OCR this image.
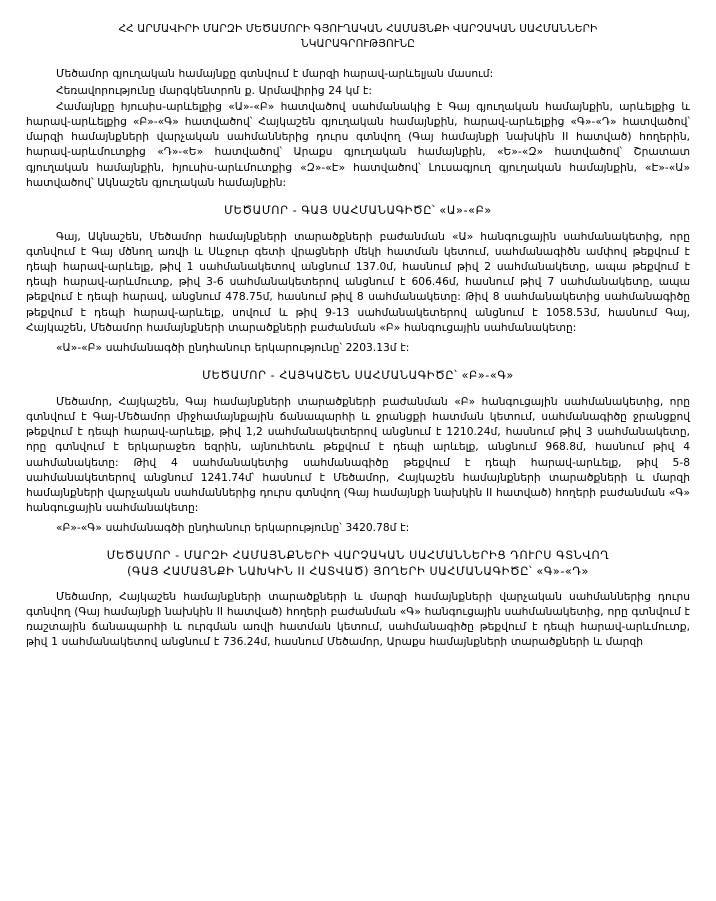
ՀՀ ԱՐՄԱՎԻՐԻ ՄԱՐԶԻ ՄԵԾԱՄՈՐԻ ԳՅՈՒՂԱԿԱՆ ՀԱՄԱՅՆՔԻ ՎԱՐՉԱԿԱՆ ՍԱՀՄԱՆՆԵՐԻ
ՆԿԱՐԱԳՐՈՒԹՅՈՒՆԸ

Մեծամոր գյուղական համայնքը գտնվում է մարզի հարավ-արևելյան մասում:

Հեռավորությունը մարգկենտրոն ք. Արմավիրից 24 կմ է:

Համայնքը հյուսիս-արևելքից «Ա»-«Բ» հատվածով սահմանակից է Գայ գյուղական համայնքին, արևելքից և հարավ-արևելքից «Բ»-«Գ» հատվածով՝ Հայկաշեն գյուղական համայնքին, հարավ-արևելքից «Գ»-«Դ» հատվածով՝ մարզի համայնքների վարչական սահմաններից դուրս գտնվող (Գայ համայնքի նախկին II հատված) հողերին, հարավ-արևմուտքից «Դ»-«Ե» հատվածով՝ Արաքս գյուղական համայնքին, «Ե»-«Զ» հատվածով՝ Շրատատ գյուղական համայնքին, հյուսիս-արևմուտքից «Զ»-«Է» հատվածով՝ Լուսագյուղ գյուղական համայնքին, «Է»-«Ա» հատվածով՝ Ակնաշեն գյուղական համայնքին:

ՄԵԾԱՄՈՐ - ԳԱՅ ՍԱՀՄԱՆԱԳԻԾԸ՝ «Ա»-«Բ»

Գայ, Ակնաշեն, Մեծամոր համայնքների տարածքների բաժանման «Ա» հանգուցային սահմանակետից, որը գտնվում է Գայ մծնող առվի և Սևջուր գետի վրացների մեկի հատման կետում, սահմանագիծն ամփով թեքվում է դեպի հարավ-արևելք, թիվ 1 սահմանակետով անցնում 137.0մ, հասնում թիվ 2 սահմանակետը, ապա թեքվում է դեպի հարավ-արևմուտք, թիվ 3-6 սահմանակետերով անցնում է 606.46մ, հասնում թիվ 7 սահմանակետը, ապա թեքվում է դեպի հարավ, անցնում 478.75մ, հասնում թիվ 8 սահմանակետը: Թիվ 8 սահմանակետից սահմանագիծը թեքվում է դեպի հարավ-արևելք, սովում և թիվ 9-13 սահմանակետերով անցնում է 1058.53մ, հասնում Գայ, Հայկաշեն, Մեծամոր համայնքների տարածքների բաժանման «Բ» հանգուցային սահմանակետը:

«Ա»-«Բ» սահմանագծի ընդհանուր երկարությունը՝ 2203.13մ է:

ՄԵԾԱՄՈՐ - ՀԱՅԿԱՇԵՆ ՍԱՀՄԱՆԱԳԻԾԸ՝ «Բ»-«Գ»

Մեծամոր, Հայկաշեն, Գայ համայնքների տարածքների բաժանման «Բ» հանգուցային սահմանակետից, որը գտնվում է Գայ-Մեծամոր միջհամայնքային ճանապարհի և ջրանցքի հատման կետում, սահմանագիծը ջրանցքով թեքվում է դեպի հարավ-արևելք, թիվ 1,2 սահմանակետերով անցնում է 1210.24մ, հասնում թիվ 3 սահմանակետը, որը գտնվում է երկարաջեռ եզրին, այնուհետև թեքվում է դեպի արևելք, անցնում 968.8մ, հասնում թիվ 4 սահմանակետը: Թիվ 4 սահմանակետից սահմանագիծը թեքվում է դեպի հարավ-արևելք, թիվ 5-8 սահմանակետերով անցնում 1241.74մ՝ հասնում է Մեծամոր, Հայկաշեն համայնքների տարածքների և մարզի համայնքների վարչական սահմաններից դուրս գտնվող (Գայ համայնքի նախկին II հատված) հողերի բաժանման «Գ» հանգուցային սահմանակետը:

«Բ»-«Գ» սահմանագծի ընդհանուր երկարությունը՝ 3420.78մ է:

ՄԵԾԱՄՈՐ - ՄԱՐԶԻ ՀԱՄԱՅՆՔՆԵՐԻ ՎԱՐՉԱԿԱՆ ՍԱՀՄԱՆՆԵՐԻՑ ԴՈՒՐՍ ԳՏՆՎՈՂ
(ԳԱՅ ՀԱՄԱՅՆՔԻ ՆԱԽԿԻՆ II ՀԱՏՎԱԾ) ՅՈՂԵՐԻ ՍԱՀՄԱՆԱԳԻԾԸ՝ «Գ»-«Դ»

Մեծամոր, Հայկաշեն համայնքների տարածքների և մարզի համայնքների վարչական սահմաններից դուրս գտնվող (Գայ համայնքի նախկին II հատված) հողերի բաժանման «Գ» հանգուցային սահմանակետից, որը գտնվում է ռաշտային ճանապարհի և ուրգման առվի հատման կետում, սահմանագիծը թեքվում է դեպի հարավ-արևմուտք, թիվ 1 սահմանակետով անցնում է 736.24մ, հասնում Մեծամոր, Արաքս համայնքների տարածքների և մարզի
